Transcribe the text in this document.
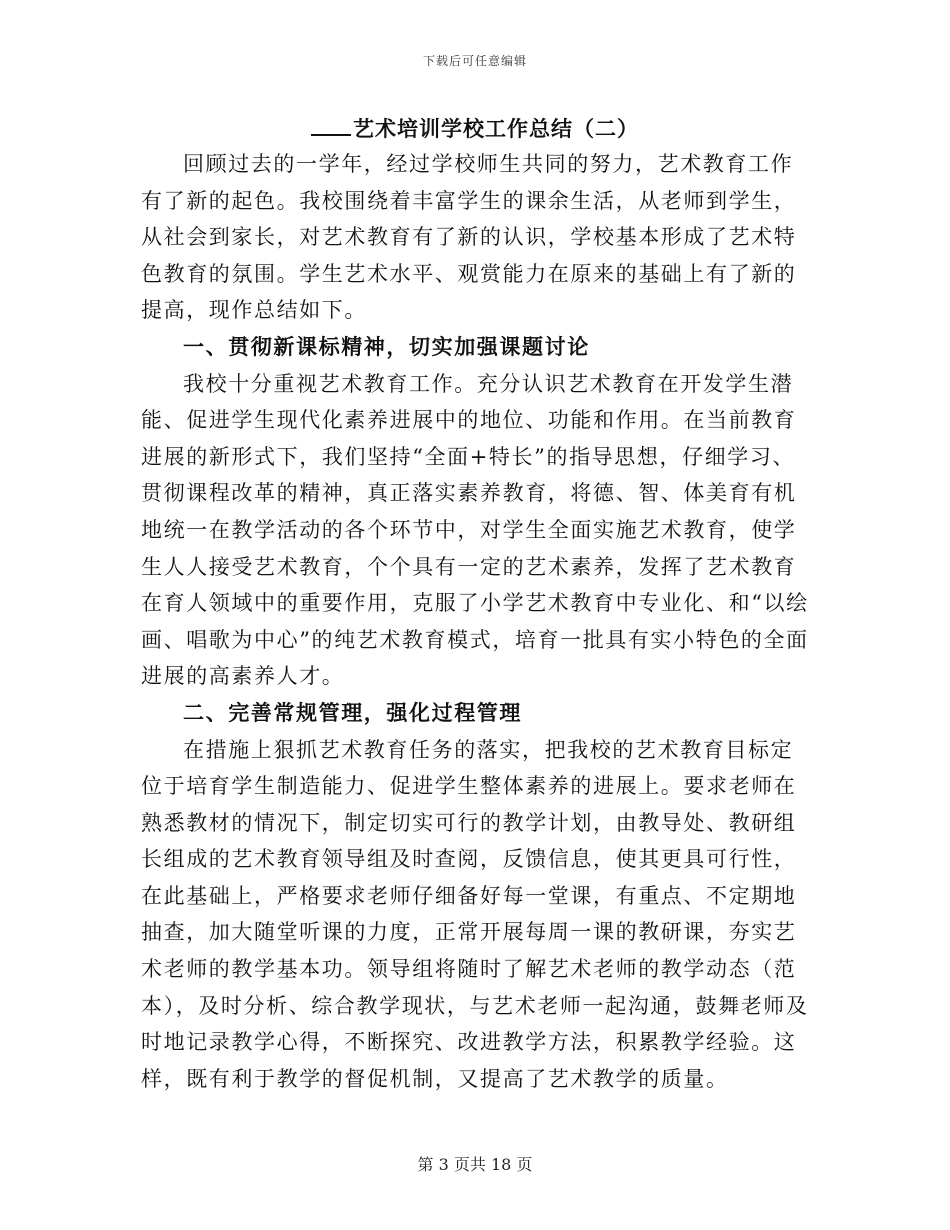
下载后可任意编辑
艺术培训学校工作总结（二）

回顾过去的一学年，经过学校师生共同的努力，艺术教育工作有了新的起色。我校围绕着丰富学生的课余生活，从老师到学生，从社会到家长，对艺术教育有了新的认识，学校基本形成了艺术特色教育的氛围。学生艺术水平、观赏能力在原来的基础上有了新的提高，现作总结如下。

一、贯彻新课标精神，切实加强课题讨论

我校十分重视艺术教育工作。充分认识艺术教育在开发学生潜能、促进学生现代化素养进展中的地位、功能和作用。在当前教育进展的新形式下，我们坚持“全面+特长”的指导思想，仔细学习、贯彻课程改革的精神，真正落实素养教育，将德、智、体美育有机地统一在教学活动的各个环节中，对学生全面实施艺术教育，使学生人人接受艺术教育，个个具有一定的艺术素养，发挥了艺术教育在育人领域中的重要作用，克服了小学艺术教育中专业化、和“以绘画、唱歌为中心”的纯艺术教育模式，培育一批具有实小特色的全面进展的高素养人才。

二、完善常规管理，强化过程管理

在措施上狠抓艺术教育任务的落实，把我校的艺术教育目标定位于培育学生制造能力、促进学生整体素养的进展上。要求老师在熟悉教材的情况下，制定切实可行的教学计划，由教导处、教研组长组成的艺术教育领导组及时查阅，反馈信息，使其更具可行性，在此基础上，严格要求老师仔细备好每一堂课，有重点、不定期地抽查，加大随堂听课的力度，正常开展每周一课的教研课，夯实艺术老师的教学基本功。领导组将随时了解艺术老师的教学动态（范本），及时分析、综合教学现状，与艺术老师一起沟通，鼓舞老师及时地记录教学心得，不断探究、改进教学方法，积累教学经验。这样，既有利于教学的督促机制，又提高了艺术教学的质量。

第 3 页共 18 页
